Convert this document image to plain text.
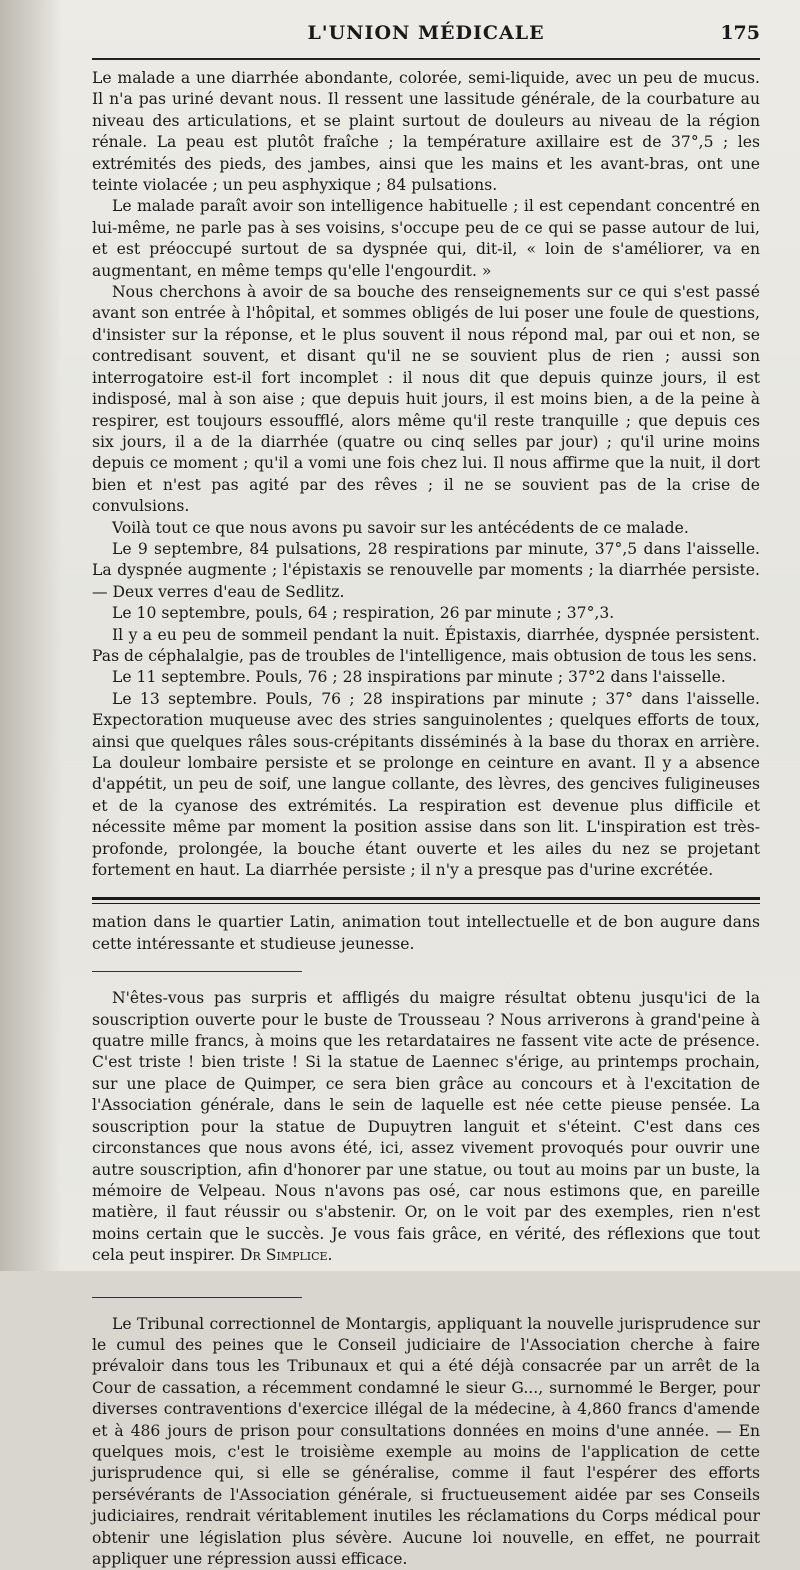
L'UNION MÉDICALE	175

Le malade a une diarrhée abondante, colorée, semi-liquide, avec un peu de mucus. Il n'a pas uriné devant nous. Il ressent une lassitude générale, de la courbature au niveau des articulations, et se plaint surtout de douleurs au niveau de la région rénale. La peau est plutôt fraîche ; la température axillaire est de 37°,5 ; les extrémités des pieds, des jambes, ainsi que les mains et les avant-bras, ont une teinte violacée ; un peu asphyxique ; 84 pulsations.

Le malade paraît avoir son intelligence habituelle ; il est cependant concentré en lui-même, ne parle pas à ses voisins, s'occupe peu de ce qui se passe autour de lui, et est préoccupé surtout de sa dyspnée qui, dit-il, « loin de s'améliorer, va en augmentant, en même temps qu'elle l'engourdit. »

Nous cherchons à avoir de sa bouche des renseignements sur ce qui s'est passé avant son entrée à l'hôpital, et sommes obligés de lui poser une foule de questions, d'insister sur la réponse, et le plus souvent il nous répond mal, par oui et non, se contredisant souvent, et disant qu'il ne se souvient plus de rien ; aussi son interrogatoire est-il fort incomplet : il nous dit que depuis quinze jours, il est indisposé, mal à son aise ; que depuis huit jours, il est moins bien, a de la peine à respirer, est toujours essoufflé, alors même qu'il reste tranquille ; que depuis ces six jours, il a de la diarrhée (quatre ou cinq selles par jour) ; qu'il urine moins depuis ce moment ; qu'il a vomi une fois chez lui. Il nous affirme que la nuit, il dort bien et n'est pas agité par des rêves ; il ne se souvient pas de la crise de convulsions.

Voilà tout ce que nous avons pu savoir sur les antécédents de ce malade.

Le 9 septembre, 84 pulsations, 28 respirations par minute, 37°,5 dans l'aisselle. La dyspnée augmente ; l'épistaxis se renouvelle par moments ; la diarrhée persiste. — Deux verres d'eau de Sedlitz.

Le 10 septembre, pouls, 64 ; respiration, 26 par minute ; 37°,3.

Il y a eu peu de sommeil pendant la nuit. Épistaxis, diarrhée, dyspnée persistent. Pas de céphalalgie, pas de troubles de l'intelligence, mais obtusion de tous les sens.

Le 11 septembre. Pouls, 76 ; 28 inspirations par minute ; 37°2 dans l'aisselle.

Le 13 septembre. Pouls, 76 ; 28 inspirations par minute ; 37° dans l'aisselle. Expectoration muqueuse avec des stries sanguinolentes ; quelques efforts de toux, ainsi que quelques râles sous-crépitants disséminés à la base du thorax en arrière. La douleur lombaire persiste et se prolonge en ceinture en avant. Il y a absence d'appétit, un peu de soif, une langue collante, des lèvres, des gencives fuligineuses et de la cyanose des extrémités. La respiration est devenue plus difficile et nécessite même par moment la position assise dans son lit. L'inspiration est très-profonde, prolongée, la bouche étant ouverte et les ailes du nez se projetant fortement en haut. La diarrhée persiste ; il n'y a presque pas d'urine excrétée.

mation dans le quartier Latin, animation tout intellectuelle et de bon augure dans cette intéressante et studieuse jeunesse.

N'êtes-vous pas surpris et affligés du maigre résultat obtenu jusqu'ici de la souscription ouverte pour le buste de Trousseau ? Nous arriverons à grand'peine à quatre mille francs, à moins que les retardataires ne fassent vite acte de présence. C'est triste ! bien triste ! Si la statue de Laennec s'érige, au printemps prochain, sur une place de Quimper, ce sera bien grâce au concours et à l'excitation de l'Association générale, dans le sein de laquelle est née cette pieuse pensée. La souscription pour la statue de Dupuytren languit et s'éteint. C'est dans ces circonstances que nous avons été, ici, assez vivement provoqués pour ouvrir une autre souscription, afin d'honorer par une statue, ou tout au moins par un buste, la mémoire de Velpeau. Nous n'avons pas osé, car nous estimons que, en pareille matière, il faut réussir ou s'abstenir. Or, on le voit par des exemples, rien n'est moins certain que le succès. Je vous fais grâce, en vérité, des réflexions que tout cela peut inspirer. Dr Simplice.

Le Tribunal correctionnel de Montargis, appliquant la nouvelle jurisprudence sur le cumul des peines que le Conseil judiciaire de l'Association cherche à faire prévaloir dans tous les Tribunaux et qui a été déjà consacrée par un arrêt de la Cour de cassation, a récemment condamné le sieur G..., surnommé le Berger, pour diverses contraventions d'exercice illégal de la médecine, à 4,860 francs d'amende et à 486 jours de prison pour consultations données en moins d'une année. — En quelques mois, c'est le troisième exemple au moins de l'application de cette jurisprudence qui, si elle se généralise, comme il faut l'espérer des efforts persévérants de l'Association générale, si fructueusement aidée par ses Conseils judiciaires, rendrait véritablement inutiles les réclamations du Corps médical pour obtenir une législation plus sévère. Aucune loi nouvelle, en effet, ne pourrait appliquer une répression aussi efficace.
